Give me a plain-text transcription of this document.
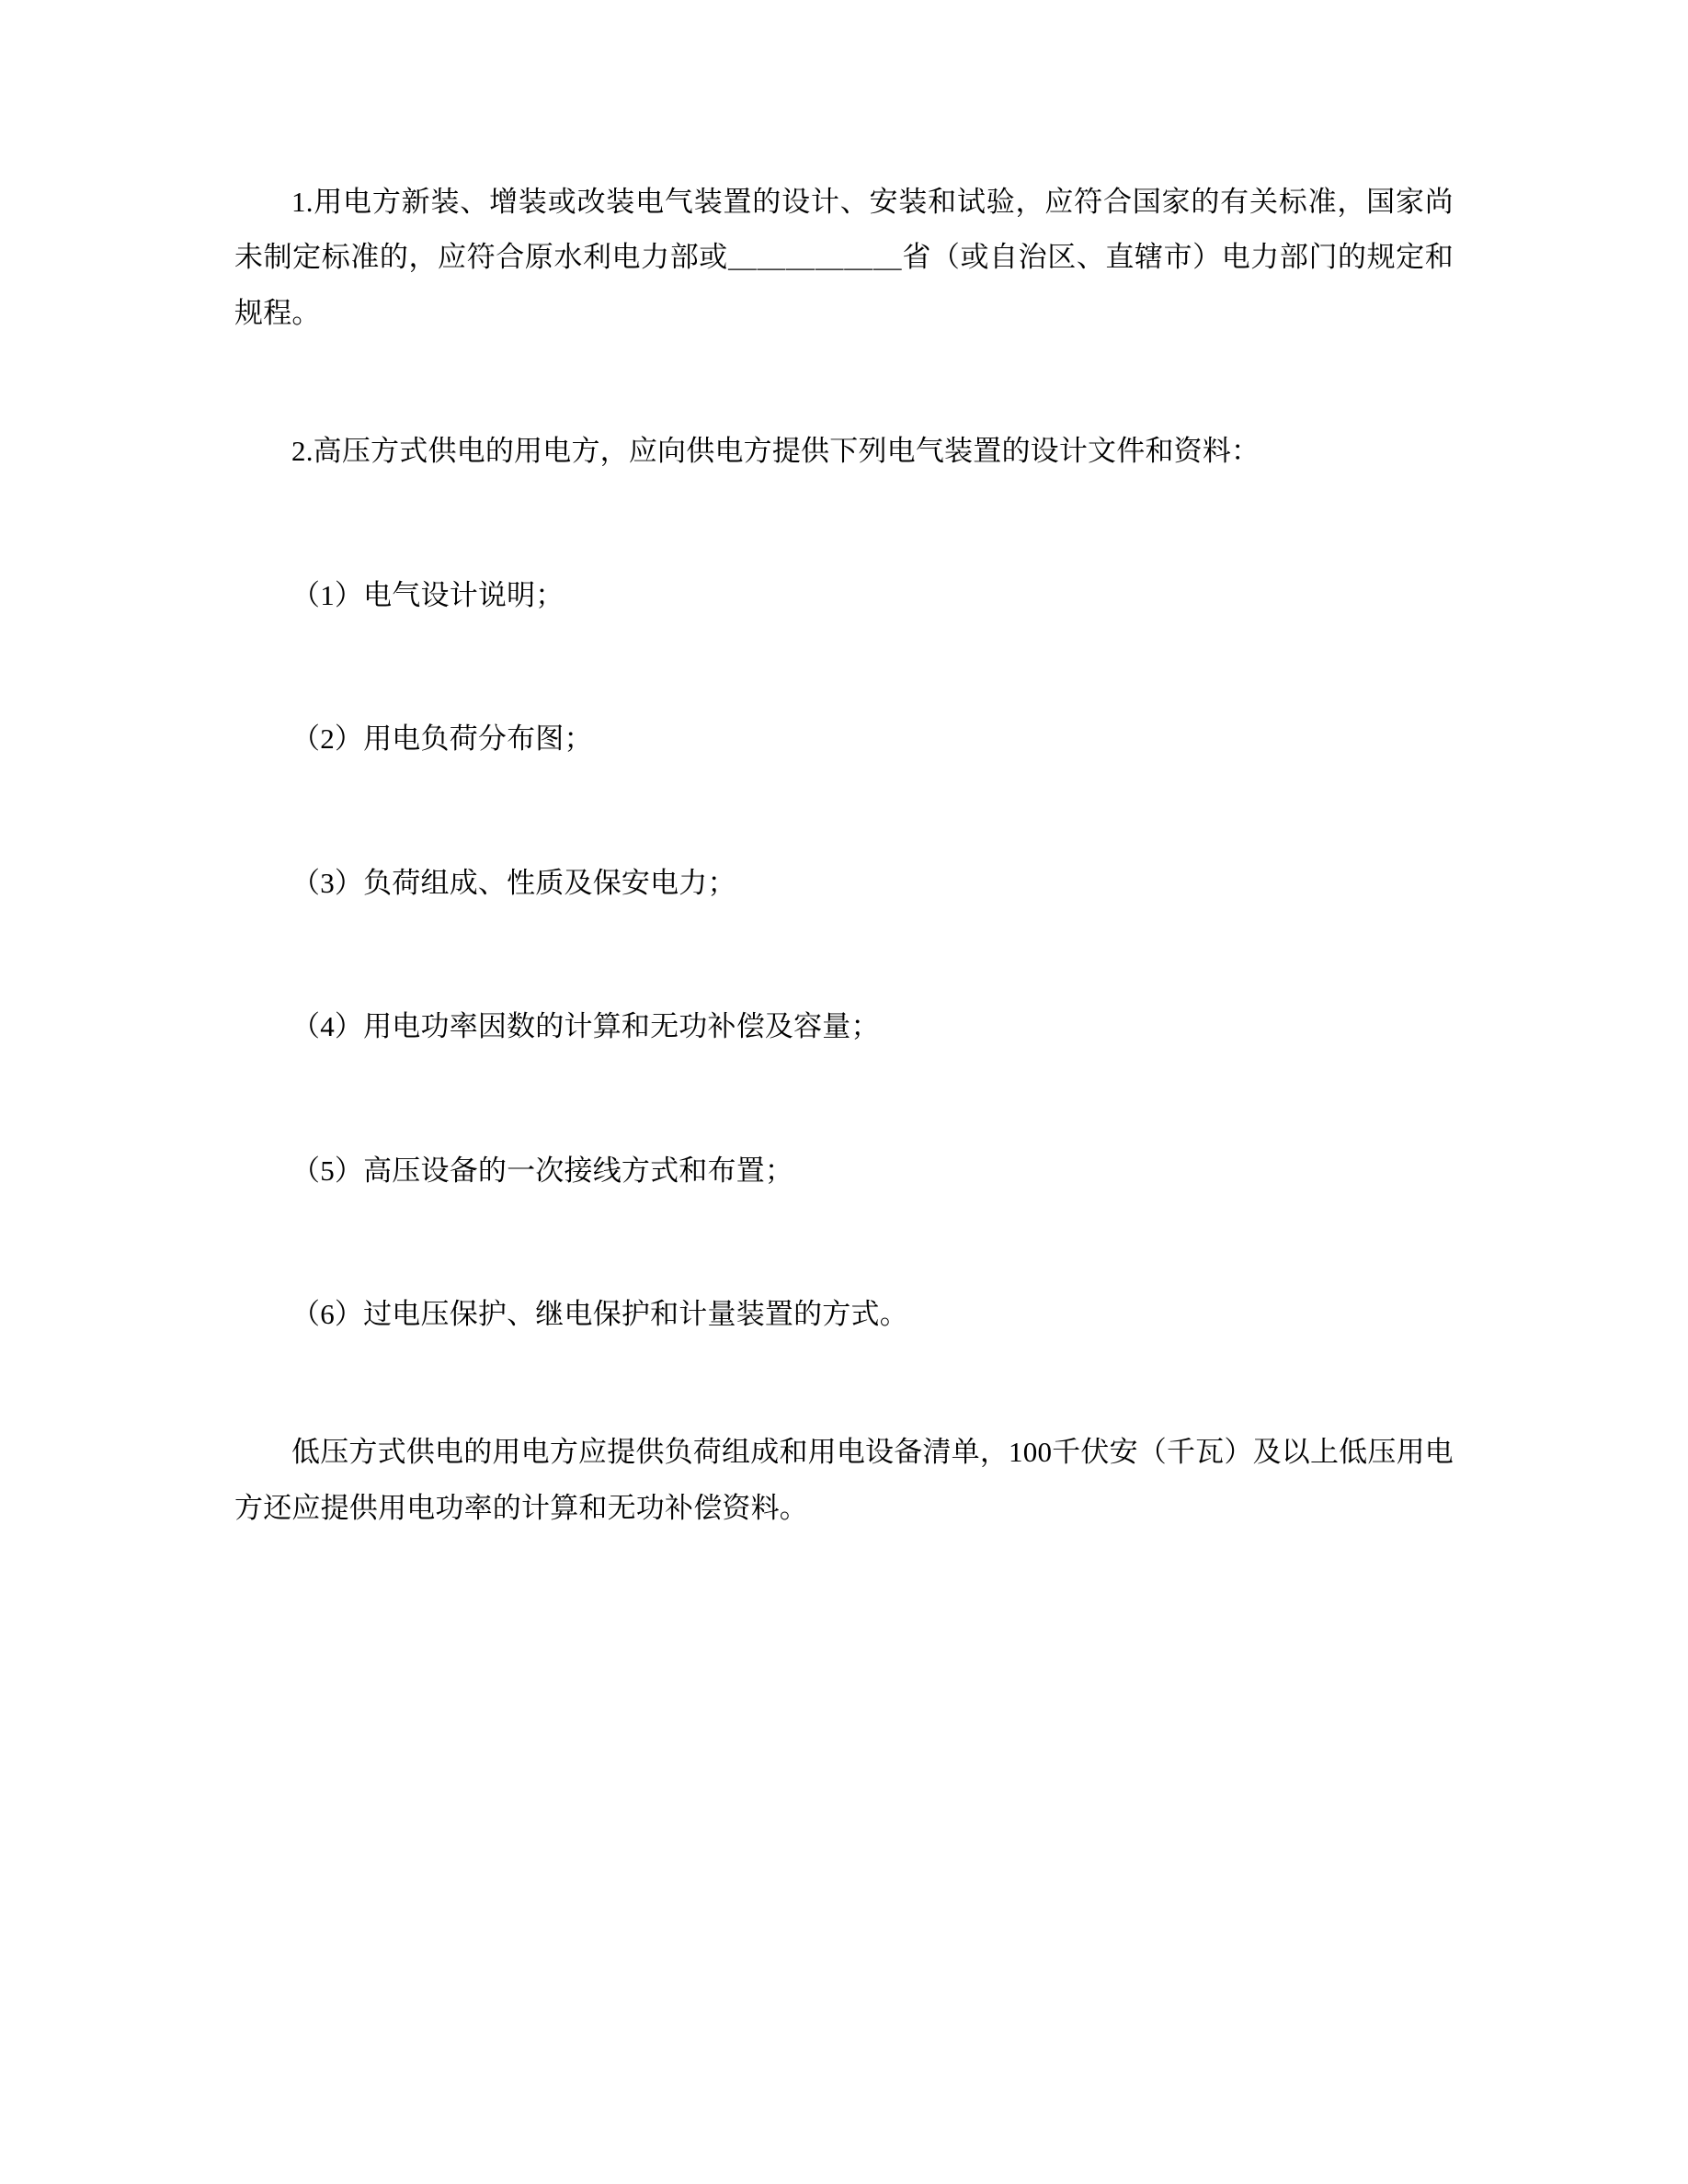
1.用电方新装、增装或改装电气装置的设计、安装和试验，应符合国家的有关标准，国家尚未制定标准的，应符合原水利电力部或＿＿＿＿＿＿省（或自治区、直辖市）电力部门的规定和规程。

2.高压方式供电的用电方，应向供电方提供下列电气装置的设计文件和资料：

（1）电气设计说明；

（2）用电负荷分布图；

（3）负荷组成、性质及保安电力；

（4）用电功率因数的计算和无功补偿及容量；

（5）高压设备的一次接线方式和布置；

（6）过电压保护、继电保护和计量装置的方式。

低压方式供电的用电方应提供负荷组成和用电设备清单，100千伏安（千瓦）及以上低压用电方还应提供用电功率的计算和无功补偿资料。
